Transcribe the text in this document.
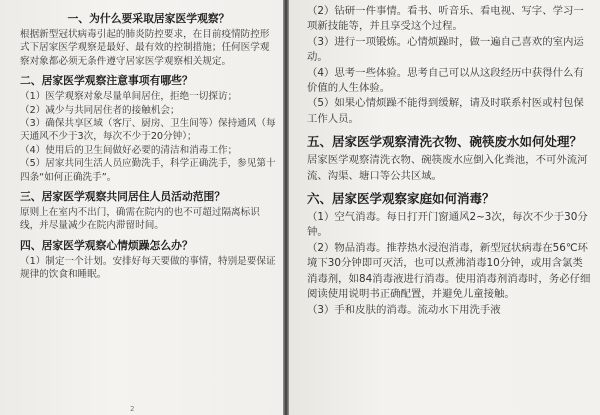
一、为什么要采取居家医学观察？

根据新型冠状病毒引起的肺炎防控要求，在目前疫情防控形式下居家医学观察是最好、最有效的控制措施；任何医学观察对象都必须无条件遵守居家医学观察相关规定。

二、居家医学观察注意事项有哪些？

（1）医学观察对象尽量单间居住，拒绝一切探访；

（2）减少与共同居住者的接触机会；

（3）确保共享区域（客厅、厨房、卫生间等）保持通风（每天通风不少于3次，每次不少于20分钟）；

（4）使用后的卫生间做好必要的清洁和消毒工作；

（5）居家共同生活人员应勤洗手，科学正确洗手，参见第十四条“如何正确洗手”。

三、居家医学观察共同居住人员活动范围？

原则上在室内不出门，确需在院内的也不可超过隔离标识线，并尽量减少在院内滞留时间。

四、居家医学观察心情烦躁怎么办？

（1）制定一个计划。安排好每天要做的事情，特别是要保证规律的饮食和睡眠。

2

（2）钻研一件事情。看书、听音乐、看电视、写字、学习一项新技能等，并且享受这个过程。

（3）进行一项锻炼。心情烦躁时，做一遍自己喜欢的室内运动。

（4）思考一些体验。思考自己可以从这段经历中获得什么有价值的人生体验。

（5）如果心情烦躁不能得到缓解，请及时联系村医或村包保工作人员。

五、居家医学观察清洗衣物、碗筷废水如何处理？

居家医学观察清洗衣物、碗筷废水应倒入化粪池，不可外流河流、沟渠、塘口等公共区域。

六、居家医学观察家庭如何消毒？

（1）空气消毒。每日打开门窗通风2~3次，每次不少于30分钟。

（2）物品消毒。推荐热水浸泡消毒，新型冠状病毒在56℃环境下30分钟即可灭活，也可以煮沸消毒10分钟，或用含氯类消毒剂，如84消毒液进行消毒。使用消毒剂消毒时，务必仔细阅读使用说明书正确配置，并避免儿童接触。

（3）手和皮肤的消毒。流动水下用洗手液
